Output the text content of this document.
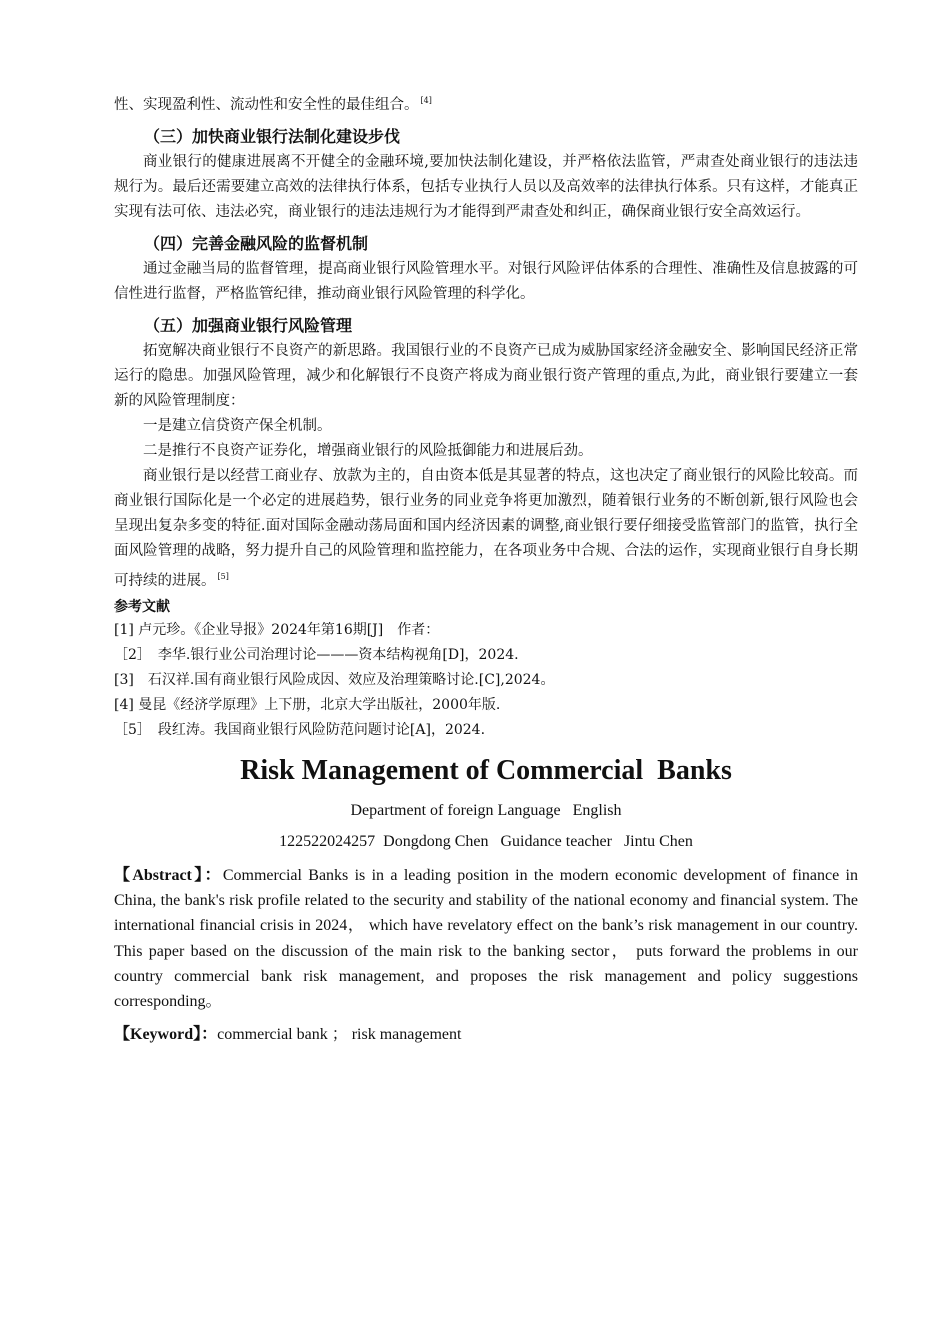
性、实现盈利性、流动性和安全性的最佳组合。 [4]

（三）加快商业银行法制化建设步伐

商业银行的健康进展离不开健全的金融环境,要加快法制化建设，并严格依法监管，严肃查处商业银行的违法违规行为。最后还需要建立高效的法律执行体系，包括专业执行人员以及高效率的法律执行体系。只有这样，才能真正实现有法可依、违法必究，商业银行的违法违规行为才能得到严肃查处和纠正，确保商业银行安全高效运行。

（四）完善金融风险的监督机制

通过金融当局的监督管理，提高商业银行风险管理水平。对银行风险评估体系的合理性、准确性及信息披露的可信性进行监督，严格监管纪律，推动商业银行风险管理的科学化。

（五）加强商业银行风险管理

拓宽解决商业银行不良资产的新思路。我国银行业的不良资产已成为威胁国家经济金融安全、影响国民经济正常运行的隐患。加强风险管理，减少和化解银行不良资产将成为商业银行资产管理的重点,为此，商业银行要建立一套新的风险管理制度：

一是建立信贷资产保全机制。

二是推行不良资产证券化，增强商业银行的风险抵御能力和进展后劲。

商业银行是以经营工商业存、放款为主的，自由资本低是其显著的特点，这也决定了商业银行的风险比较高。而商业银行国际化是一个必定的进展趋势，银行业务的同业竞争将更加激烈，随着银行业务的不断创新,银行风险也会呈现出复杂多变的特征.面对国际金融动荡局面和国内经济因素的调整,商业银行要仔细接受监管部门的监管，执行全面风险管理的战略，努力提升自己的风险管理和监控能力，在各项业务中合规、合法的运作，实现商业银行自身长期可持续的进展。 [5]

参考文献

[1] 卢元珍。《企业导报》2024年第16期[J]　作者：

［2］　李华.银行业公司治理讨论———资本结构视角[D]，2024.

[3]　石汉祥.国有商业银行风险成因、效应及治理策略讨论.[C],2024。

[4] 曼昆《经济学原理》上下册，北京大学出版社，2000年版.

［5］　段红涛。我国商业银行风险防范问题讨论[A]，2024.

Risk Management of Commercial  Banks

Department of foreign Language   English

122522024257  Dongdong Chen   Guidance teacher   Jintu Chen

【Abstract】：Commercial Banks is in a leading position in the modern economic development of finance in China, the bank's risk profile related to the security and stability of the national economy and financial system. The international financial crisis in 2024， which have revelatory effect on the bank’s risk management in our country. This paper based on the discussion of the main risk to the banking sector， puts forward the problems in our country commercial bank risk management, and proposes the risk management and policy suggestions corresponding。

【Keyword】：commercial bank ； risk management
